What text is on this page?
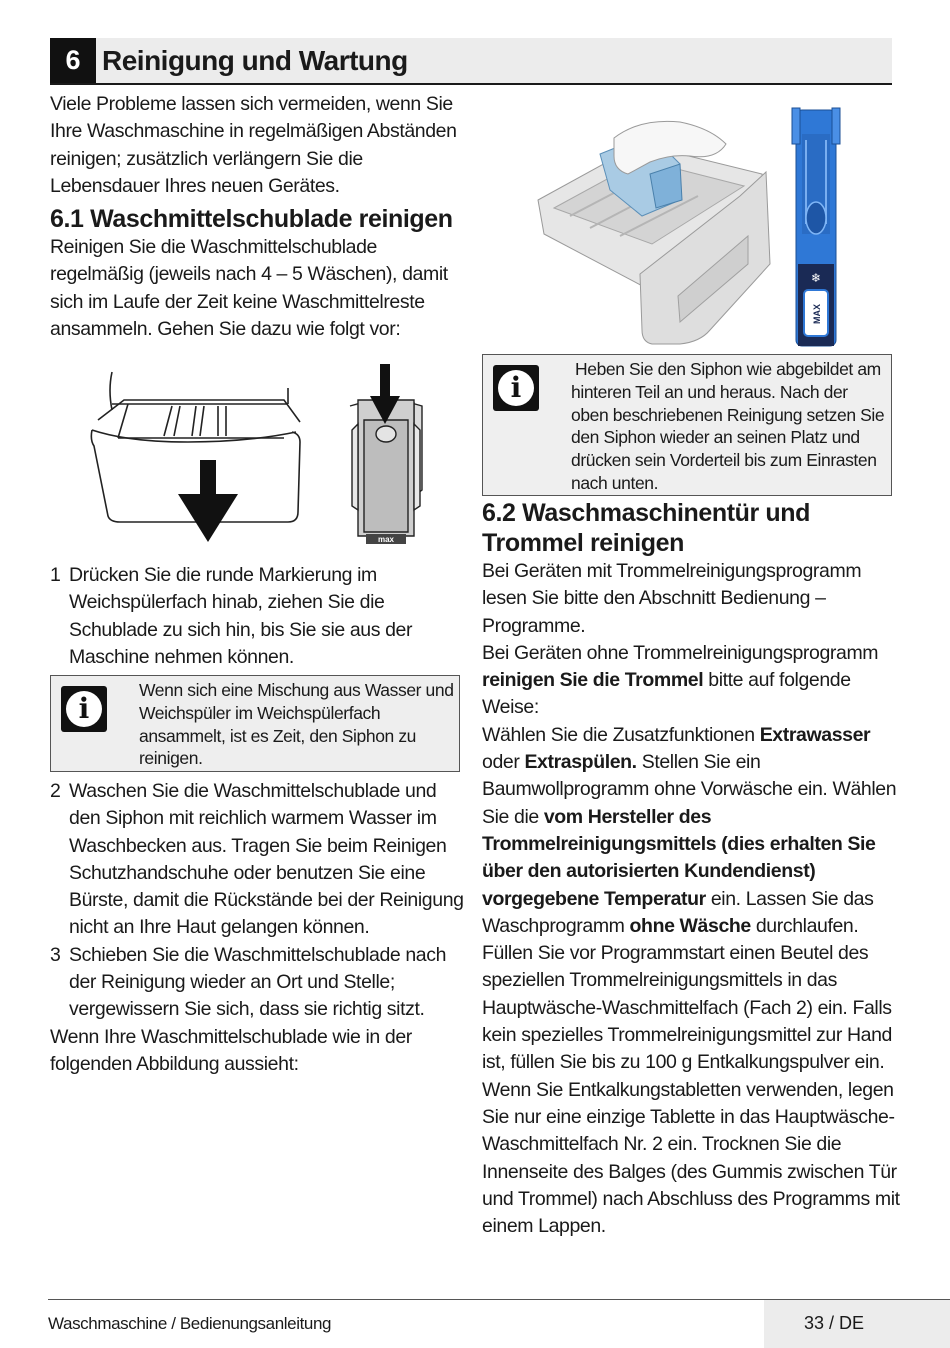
6 Reinigung und Wartung

Viele Probleme lassen sich vermeiden, wenn Sie Ihre Waschmaschine in regelmäßigen Abständen reinigen; zusätzlich verlängern Sie die Lebensdauer Ihres neuen Gerätes.

6.1 Waschmittelschublade reinigen

Reinigen Sie die Waschmittelschublade regelmäßig (jeweils nach 4 – 5 Wäschen), damit sich im Laufe der Zeit keine Waschmittelreste ansammeln. Gehen Sie dazu wie folgt vor:

max
1 Drücken Sie die runde Markierung im Weichspülerfach hinab, ziehen Sie die Schublade zu sich hin, bis Sie sie aus der Maschine nehmen können.
i
Wenn sich eine Mischung aus Wasser und Weichspüler im Weichspülerfach ansammelt, ist es Zeit, den Siphon zu reinigen.
2 Waschen Sie die Waschmittelschublade und den Siphon mit reichlich warmem Wasser im Waschbecken aus. Tragen Sie beim Reinigen Schutzhandschuhe oder benutzen Sie eine Bürste, damit die Rückstände bei der Reinigung nicht an Ihre Haut gelangen können.
3 Schieben Sie die Waschmittelschublade nach der Reinigung wieder an Ort und Stelle; vergewissern Sie sich, dass sie richtig sitzt.

Wenn Ihre Waschmittelschublade wie in der folgenden Abbildung aussieht:

❄
MAX
i
Heben Sie den Siphon wie abgebildet am hinteren Teil an und heraus. Nach der oben beschriebenen Reinigung setzen Sie den Siphon wieder an seinen Platz und drücken sein Vorderteil bis zum Einrasten nach unten.
6.2 Waschmaschinentür und Trommel reinigen

Bei Geräten mit Trommelreinigungsprogramm lesen Sie bitte den Abschnitt Bedienung – Programme.

Bei Geräten ohne Trommelreinigungsprogramm reinigen Sie die Trommel bitte auf folgende Weise:

Wählen Sie die Zusatzfunktionen Extrawasser oder Extraspülen. Stellen Sie ein Baumwollprogramm ohne Vorwäsche ein. Wählen Sie die vom Hersteller des Trommelreinigungsmittels (dies erhalten Sie über den autorisierten Kundendienst) vorgegebene Temperatur ein. Lassen Sie das Waschprogramm ohne Wäsche durchlaufen. Füllen Sie vor Programmstart einen Beutel des speziellen Trommelreinigungsmittels in das Hauptwäsche-Waschmittelfach (Fach 2) ein. Falls kein spezielles Trommelreinigungsmittel zur Hand ist, füllen Sie bis zu 100 g Entkalkungspulver ein. Wenn Sie Entkalkungstabletten verwenden, legen Sie nur eine einzige Tablette in das Hauptwäsche-Waschmittelfach Nr. 2 ein. Trocknen Sie die Innenseite des Balges (des Gummis zwischen Tür und Trommel) nach Abschluss des Programms mit einem Lappen.

Waschmaschine / Bedienungsanleitung	33 / DE
